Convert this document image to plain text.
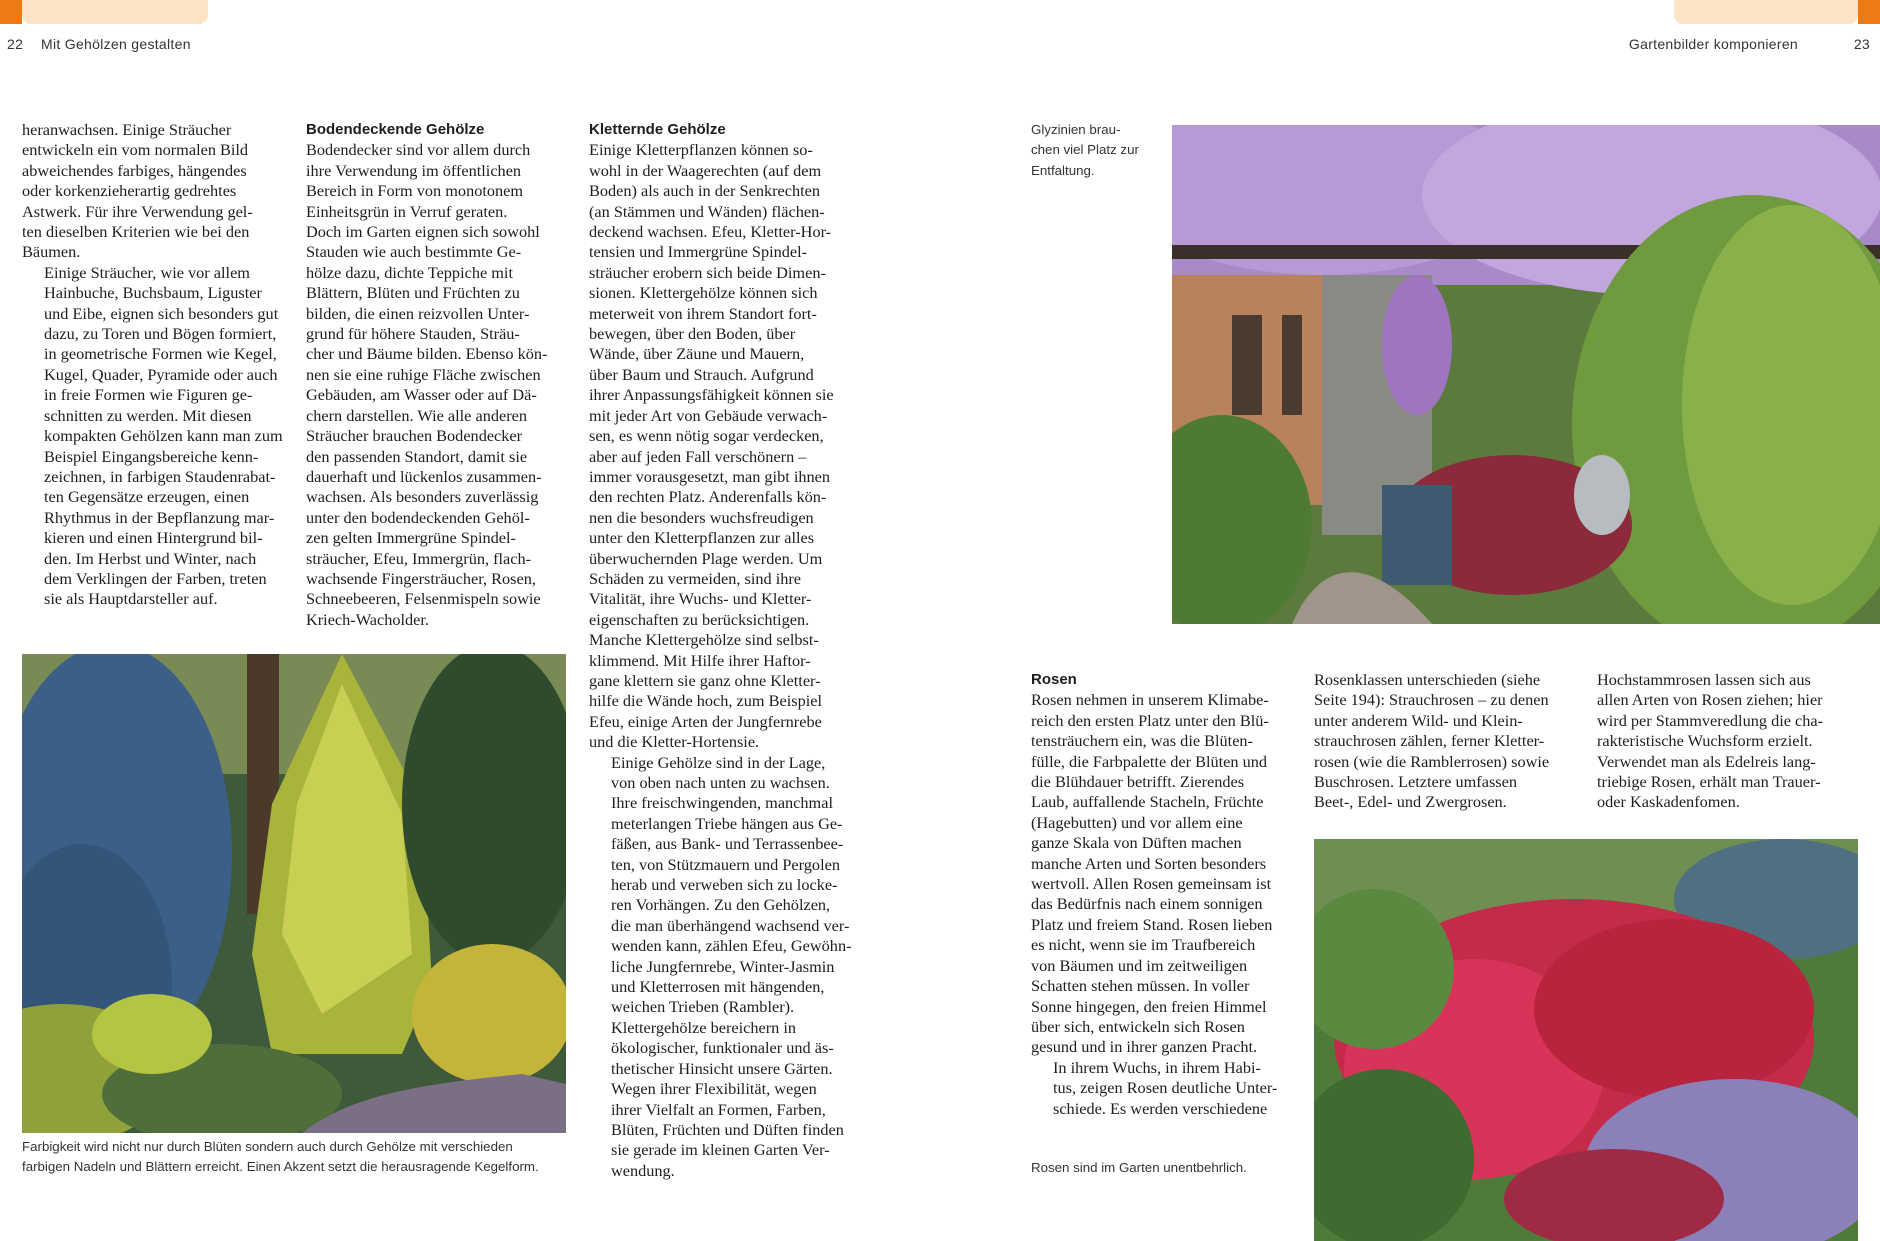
22 Mit Gehölzen gestalten	Gartenbilder komponieren	23

heranwachsen. Einige Sträucher
entwickeln ein vom normalen Bild
abweichendes farbiges, hängendes
oder korkenzieherartig gedrehtes
Astwerk. Für ihre Verwendung gel-
ten dieselben Kriterien wie bei den
Bäumen.

Einige Sträucher, wie vor allem
Hainbuche, Buchsbaum, Liguster
und Eibe, eignen sich besonders gut
dazu, zu Toren und Bögen formiert,
in geometrische Formen wie Kegel,
Kugel, Quader, Pyramide oder auch
in freie Formen wie Figuren ge-
schnitten zu werden. Mit diesen
kompakten Gehölzen kann man zum
Beispiel Eingangsbereiche kenn-
zeichnen, in farbigen Staudenrabat-
ten Gegensätze erzeugen, einen
Rhythmus in der Bepflanzung mar-
kieren und einen Hintergrund bil-
den. Im Herbst und Winter, nach
dem Verklingen der Farben, treten
sie als Hauptdarsteller auf.

Bodendeckende Gehölze

Bodendecker sind vor allem durch
ihre Verwendung im öffentlichen
Bereich in Form von monotonem
Einheitsgrün in Verruf geraten.
Doch im Garten eignen sich sowohl
Stauden wie auch bestimmte Ge-
hölze dazu, dichte Teppiche mit
Blättern, Blüten und Früchten zu
bilden, die einen reizvollen Unter-
grund für höhere Stauden, Sträu-
cher und Bäume bilden. Ebenso kön-
nen sie eine ruhige Fläche zwischen
Gebäuden, am Wasser oder auf Dä-
chern darstellen. Wie alle anderen
Sträucher brauchen Bodendecker
den passenden Standort, damit sie
dauerhaft und lückenlos zusammen-
wachsen. Als besonders zuverlässig
unter den bodendeckenden Gehöl-
zen gelten Immergrüne Spindel-
sträucher, Efeu, Immergrün, flach-
wachsende Fingersträucher, Rosen,
Schneebeeren, Felsenmispeln sowie
Kriech-Wacholder.

Kletternde Gehölze

Einige Kletterpflanzen können so-
wohl in der Waagerechten (auf dem
Boden) als auch in der Senkrechten
(an Stämmen und Wänden) flächen-
deckend wachsen. Efeu, Kletter-Hor-
tensien und Immergrüne Spindel-
sträucher erobern sich beide Dimen-
sionen. Klettergehölze können sich
meterweit von ihrem Standort fort-
bewegen, über den Boden, über
Wände, über Zäune und Mauern,
über Baum und Strauch. Aufgrund
ihrer Anpassungsfähigkeit können sie
mit jeder Art von Gebäude verwach-
sen, es wenn nötig sogar verdecken,
aber auf jeden Fall verschönern –
immer vorausgesetzt, man gibt ihnen
den rechten Platz. Anderenfalls kön-
nen die besonders wuchsfreudigen
unter den Kletterpflanzen zur alles
überwuchernden Plage werden. Um
Schäden zu vermeiden, sind ihre
Vitalität, ihre Wuchs- und Kletter-
eigenschaften zu berücksichtigen.
Manche Klettergehölze sind selbst-
klimmend. Mit Hilfe ihrer Haftor-
gane klettern sie ganz ohne Kletter-
hilfe die Wände hoch, zum Beispiel
Efeu, einige Arten der Jungfernrebe
und die Kletter-Hortensie.

Einige Gehölze sind in der Lage,
von oben nach unten zu wachsen.
Ihre freischwingenden, manchmal
meterlangen Triebe hängen aus Ge-
fäßen, aus Bank- und Terrassenbee-
ten, von Stützmauern und Pergolen
herab und verweben sich zu locke-
ren Vorhängen. Zu den Gehölzen,
die man überhängend wachsend ver-
wenden kann, zählen Efeu, Gewöhn-
liche Jungfernrebe, Winter-Jasmin
und Kletterrosen mit hängenden,
weichen Trieben (Rambler).

Klettergehölze bereichern in
ökologischer, funktionaler und äs-
thetischer Hinsicht unsere Gärten.
Wegen ihrer Flexibilität, wegen
ihrer Vielfalt an Formen, Farben,
Blüten, Früchten und Düften finden
sie gerade im kleinen Garten Ver-
wendung.

Farbigkeit wird nicht nur durch Blüten sondern auch durch Gehölze mit verschieden
farbigen Nadeln und Blättern erreicht. Einen Akzent setzt die herausragende Kegelform.
Glyzinien brau-
chen viel Platz zur
Entfaltung.
Rosen

Rosen nehmen in unserem Klimabe-
reich den ersten Platz unter den Blü-
tensträuchern ein, was die Blüten-
fülle, die Farbpalette der Blüten und
die Blühdauer betrifft. Zierendes
Laub, auffallende Stacheln, Früchte
(Hagebutten) und vor allem eine
ganze Skala von Düften machen
manche Arten und Sorten besonders
wertvoll. Allen Rosen gemeinsam ist
das Bedürfnis nach einem sonnigen
Platz und freiem Stand. Rosen lieben
es nicht, wenn sie im Traufbereich
von Bäumen und im zeitweiligen
Schatten stehen müssen. In voller
Sonne hingegen, den freien Himmel
über sich, entwickeln sich Rosen
gesund und in ihrer ganzen Pracht.

In ihrem Wuchs, in ihrem Habi-
tus, zeigen Rosen deutliche Unter-
schiede. Es werden verschiedene

Rosenklassen unterschieden (siehe
Seite 194): Strauchrosen – zu denen
unter anderem Wild- und Klein-
strauchrosen zählen, ferner Kletter-
rosen (wie die Ramblerrosen) sowie
Buschrosen. Letztere umfassen
Beet-, Edel- und Zwergrosen.

Hochstammrosen lassen sich aus
allen Arten von Rosen ziehen; hier
wird per Stammveredlung die cha-
rakteristische Wuchsform erzielt.
Verwendet man als Edelreis lang-
triebige Rosen, erhält man Trauer-
oder Kaskadenfomen.

Rosen sind im Garten unentbehrlich.
